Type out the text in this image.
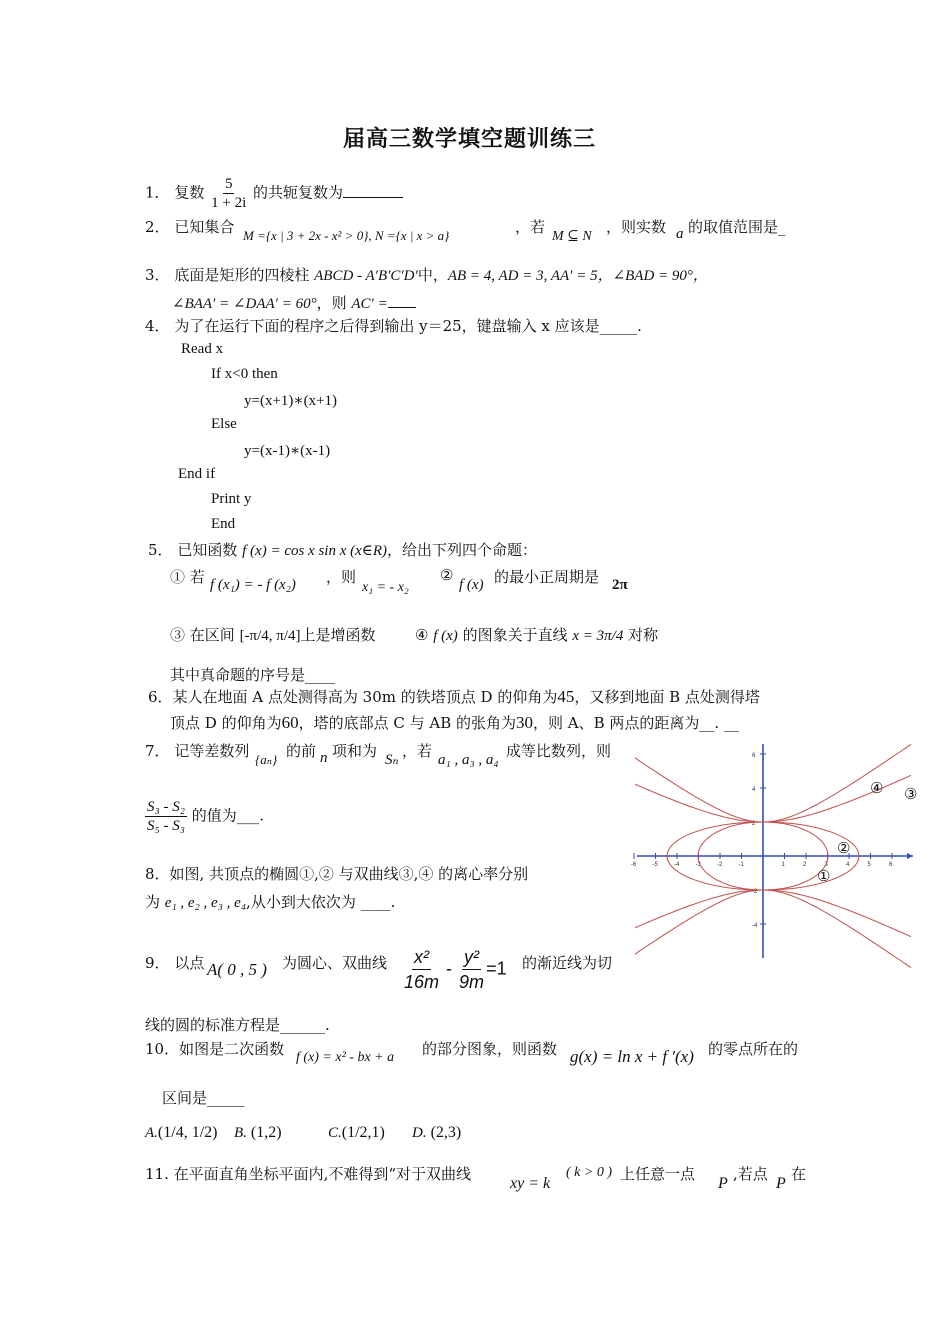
届高三数学填空题训练三
1． 复数 $\frac{5}{1 + 2i}$ 的共轭复数为
2． 已知集合 M ={x | 3 + 2x - x² > 0}, N ={x | x > a}	，若
M ⊆ N
，则实数 a 的取值范围是_
3． 底面是矩形的四棱柱 ABCD - A′B′C′D′中，AB = 4, AD = 3, AA′ = 5，∠BAD = 90°，
∠BAA′ = ∠DAA′ = 60°，则 AC′ =
4． 为了在运行下面的程序之后得到输出 y＝25，键盘输入 x 应该是_____.
Read x
If x<0 then
y=(x+1)∗(x+1)
Else
y=(x-1)∗(x-1)
End if
Print y
End
5． 已知函数 f (x) = cos x sin x (x∈R)，给出下列四个命题：
① 若 f (x₁) = - f (x₂) ，则
x₁ = - x₂
②
f (x) 的最小正周期是 2π
③ 在区间 [-π/4, π/4]上是增函数	④ f (x) 的图象关于直线 x = 3π/4 对称
其中真命题的序号是____
6．某人在地面 A 点处测得高为 30m 的铁塔顶点 D 的仰角为45，又移到地面 B 点处测得塔
顶点 D 的仰角为60，塔的底部点 C 与 AB 的张角为30，则 A、B 两点的距离为__. __
7． 记等差数列 {aₙ} 的前 n 项和为 Sₙ ，若 a₁ , a₃ , a₄ 成等比数列，则
$\frac{\text{S₃ - S₂}}{\text{S₅ - S₃}}$ 的值为___.
8．如图, 共顶点的椭圆①,② 与双曲线③,④ 的离心率分别
为 e₁ , e₂ , e₃ , e₄,从小到大依次为 ____.
9． 以点 A( 0 , 5 ) 为圆心、双曲线 $\frac{\text{x²}}{16m} - \frac{\text{y²}}{9m} =1$ 的渐近线为切
线的圆的标准方程是______.
10．如图是二次函数 f (x) = x² - bx + a 的部分图象，则函数 g(x) = ln x + f ′(x) 的零点所在的
区间是_____
A.(1/4, 1/2) B. (1,2)	C.(1/2,1) D. (2,3)
11. 在平面直角坐标平面内,不难得到“对于双曲线
xy = k
( k > 0 ) 上任意一点
P
,若点
P
在
-6	-5	-4	-3	-2	-1	1	2	3	4	5	6
6
4
2
-2
-4
④ ③
②
①
